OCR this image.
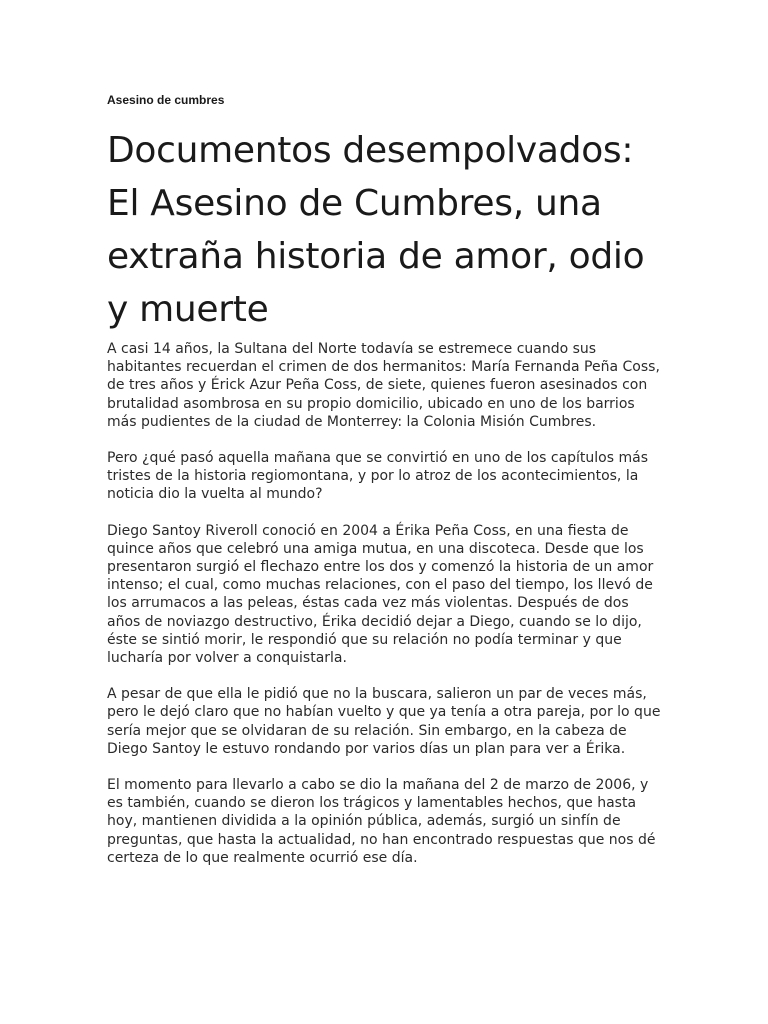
Asesino de cumbres
Documentos desempolvados: El Asesino de Cumbres, una extraña historia de amor, odio y muerte

A casi 14 años, la Sultana del Norte todavía se estremece cuando sus habitantes recuerdan el crimen de dos hermanitos: María Fernanda Peña Coss, de tres años y Érick Azur Peña Coss, de siete, quienes fueron asesinados con brutalidad asombrosa en su propio domicilio, ubicado en uno de los barrios más pudientes de la ciudad de Monterrey: la Colonia Misión Cumbres.

Pero ¿qué pasó aquella mañana que se convirtió en uno de los capítulos más tristes de la historia regiomontana, y por lo atroz de los acontecimientos, la noticia dio la vuelta al mundo?

Diego Santoy Riveroll conoció en 2004 a Érika Peña Coss, en una fiesta de quince años que celebró una amiga mutua, en una discoteca. Desde que los presentaron surgió el flechazo entre los dos y comenzó la historia de un amor intenso; el cual, como muchas relaciones, con el paso del tiempo, los llevó de los arrumacos a las peleas, éstas cada vez más violentas. Después de dos años de noviazgo destructivo, Érika decidió dejar a Diego, cuando se lo dijo, éste se sintió morir, le respondió que su relación no podía terminar y que lucharía por volver a conquistarla.

A pesar de que ella le pidió que no la buscara, salieron un par de veces más, pero le dejó claro que no habían vuelto y que ya tenía a otra pareja, por lo que sería mejor que se olvidaran de su relación. Sin embargo, en la cabeza de Diego Santoy le estuvo rondando por varios días un plan para ver a Érika.

El momento para llevarlo a cabo se dio la mañana del 2 de marzo de 2006, y es también, cuando se dieron los trágicos y lamentables hechos, que hasta hoy, mantienen dividida a la opinión pública, además, surgió un sinfín de preguntas, que hasta la actualidad, no han encontrado respuestas que nos dé certeza de lo que realmente ocurrió ese día.
